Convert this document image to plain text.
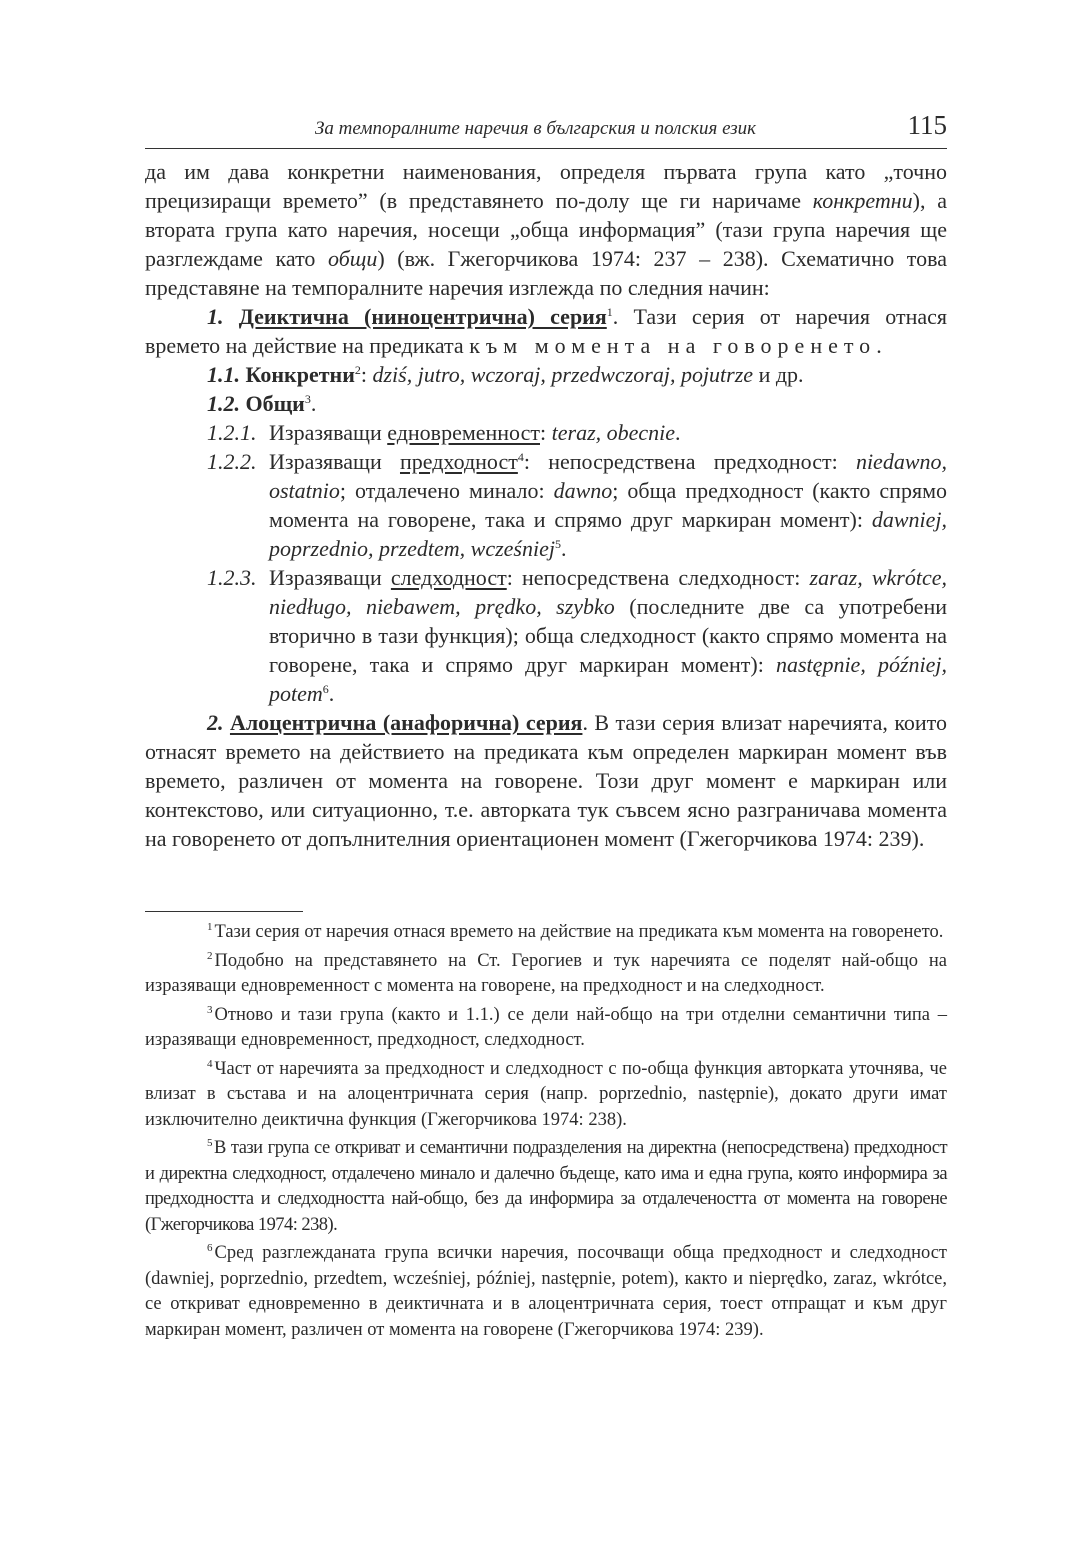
За темпоралните наречия в българския и полския език	115

да им дава конкретни наименования, определя първата група като „точно прецизиращи времето” (в представянето по-долу ще ги наричаме конкретни), а втората група като наречия, носещи „обща информация” (тази група наречия ще разглеждаме като общи) (вж. Гжегорчикова 1974: 237 – 238). Схематично това представяне на темпоралните наречия изглежда по следния начин:

1. Деиктична (ниноцентрична) серия$^1$. Тази серия от наречия отнася времето на действие на предиката към момента на говоренето.

1.1. Конкретни$^2$: dziś, jutro, wczoraj, przedwczoraj, pojutrze и др.

1.2. Общи$^3$.

1.2.1. Изразяващи едновременност: teraz, obecnie.
1.2.2. Изразяващи предходност$^4$: непосредствена предходност: niedawno, ostatnio; отдалечено минало: dawno; обща предходност (както спрямо момента на говорене, така и спрямо друг маркиран момент): dawniej, poprzednio, przedtem, wcześniej$^5$.
1.2.3. Изразяващи следходност: непосредствена следходност: zaraz, wkrótce, niedługo, niebawem, prędko, szybko (последните две са употребени вторично в тази функция); обща следходност (както спрямо момента на говорене, така и спрямо друг маркиран момент): następnie, później, potem$^6$.

2. Алоцентрична (анафорична) серия. В тази серия влизат наречията, които отнасят времето на действието на предиката към определен маркиран момент във времето, различен от момента на говорене. Този друг момент е маркиран или контекстово, или ситуационно, т.е. авторката тук съвсем ясно разграничава момента на говоренето от допълнителния ориентационен момент (Гжегорчикова 1974: 239).

$^1$ Тази серия от наречия отнася времето на действие на предиката към момента на говоренето.

$^2$ Подобно на представянето на Ст. Герогиев и тук наречията се поделят най-общо на изразяващи едновременност с момента на говорене, на предходност и на следходност.

$^3$ Отново и тази група (както и 1.1.) се дели най-общо на три отделни семантични типа – изразяващи едновременност, предходност, следходност.

$^4$ Част от наречията за предходност и следходност с по-обща функция авторката уточнява, че влизат в състава и на алоцентричната серия (напр. poprzednio, następnie), докато други имат изключително деиктична функция (Гжегорчикова 1974: 238).

$^5$ В тази група се откриват и семантични подразделения на директна (непосредствена) предходност и директна следходност, отдалечено минало и далечно бъдеще, като има и една група, която информира за предходността и следходността най-общо, без да информира за отдалечеността от момента на говорене (Гжегорчикова 1974: 238).

$^6$ Сред разглежданата група всички наречия, посочващи обща предходност и следходност (dawniej, poprzednio, przedtem, wcześniej, później, następnie, potem), както и nieprędko, zaraz, wkrótce, се откриват едновременно в деиктичната и в алоцентричната серия, тоест отпращат и към друг маркиран момент, различен от момента на говорене (Гжегорчикова 1974: 239).
